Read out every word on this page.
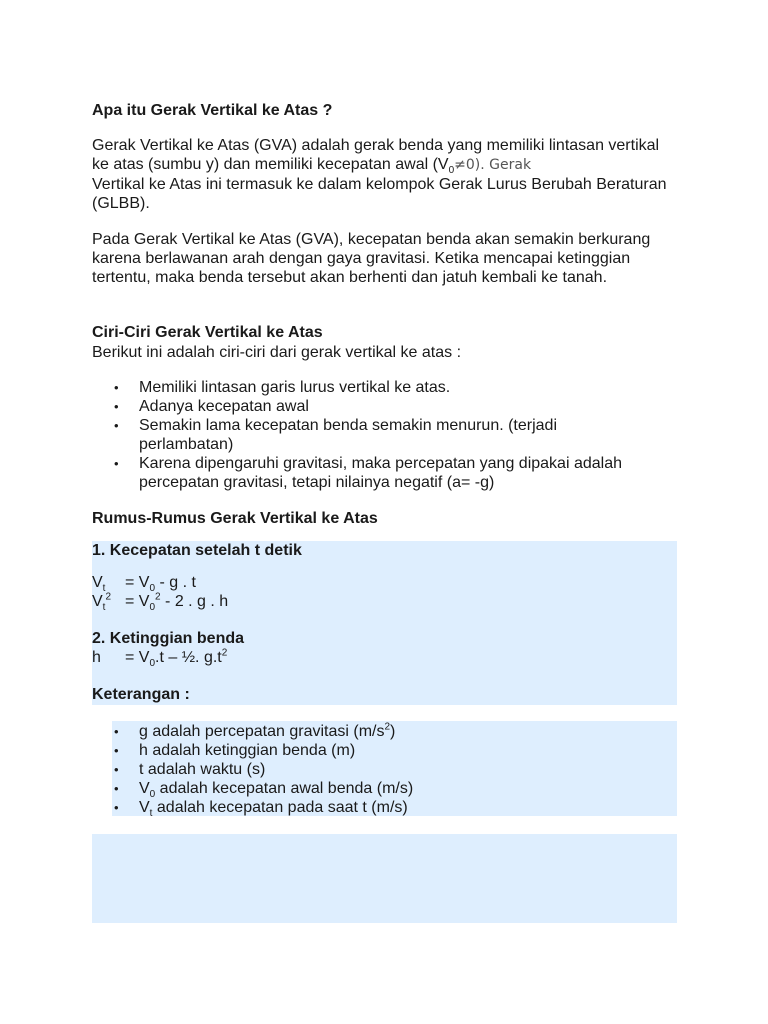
Apa itu Gerak Vertikal ke Atas ?

Gerak Vertikal ke Atas (GVA) adalah gerak benda yang memiliki lintasan vertikal ke atas (sumbu y) dan memiliki kecepatan awal $(V_0\ne 0)$. Gerak
Vertikal ke Atas ini termasuk ke dalam kelompok Gerak Lurus Berubah Beraturan (GLBB).

Pada Gerak Vertikal ke Atas (GVA), kecepatan benda akan semakin berkurang karena berlawanan arah dengan gaya gravitasi. Ketika mencapai ketinggian tertentu, maka benda tersebut akan berhenti dan jatuh kembali ke tanah.

Ciri-Ciri Gerak Vertikal ke Atas
Berikut ini adalah ciri-ciri dari gerak vertikal ke atas :
• Memiliki lintasan garis lurus vertikal ke atas.
• Adanya kecepatan awal
• Semakin lama kecepatan benda semakin menurun. (terjadi perlambatan)
• Karena dipengaruhi gravitasi, maka percepatan yang dipakai adalah percepatan gravitasi, tetapi nilainya negatif (a= -g)
Rumus-Rumus Gerak Vertikal ke Atas
1. Kecepatan setelah t detik
$V_t$	= $V_0$ - g . t
$V_t^2 = V_0^2 - 2$ . g . h
2. Ketinggian benda
h	= $V_0.t$ – ½. $g.t^2$
Keterangan :
• g adalah percepatan gravitasi $(m/s^2)$
• h adalah ketinggian benda (m)
• t adalah waktu (s)
• $V_0$ adalah kecepatan awal benda (m/s)
• $V_t$ adalah kecepatan pada saat t (m/s)
